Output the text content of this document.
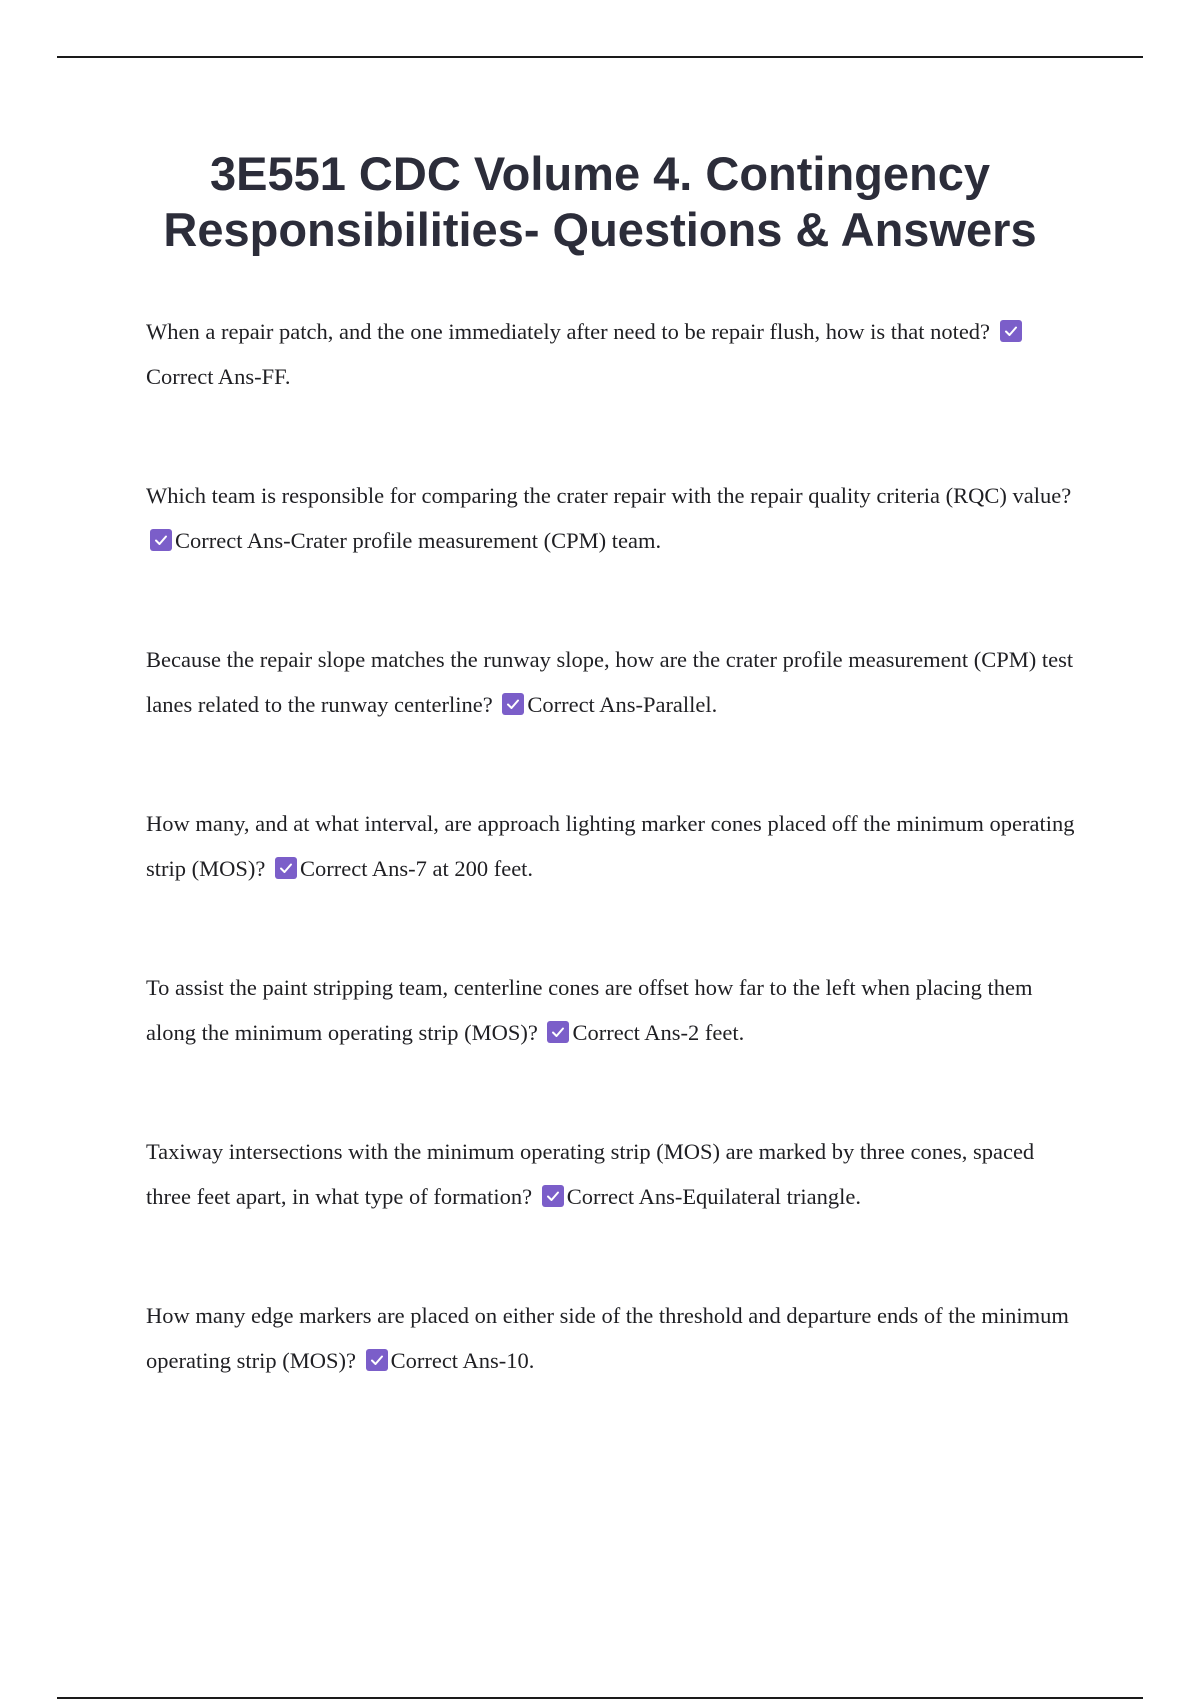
3E551 CDC Volume 4. Contingency
Responsibilities- Questions & Answers

When a repair patch, and the one immediately after need to be repair flush, how is that noted?
Correct Ans-FF.

Which team is responsible for comparing the crater repair with the repair quality criteria (RQC) value?
Correct Ans-Crater profile measurement (CPM) team.

Because the repair slope matches the runway slope, how are the crater profile measurement (CPM) test lanes related to the runway centerline? Correct Ans-Parallel.

How many, and at what interval, are approach lighting marker cones placed off the minimum operating strip (MOS)? Correct Ans-7 at 200 feet.

To assist the paint stripping team, centerline cones are offset how far to the left when placing them along the minimum operating strip (MOS)? Correct Ans-2 feet.

Taxiway intersections with the minimum operating strip (MOS) are marked by three cones, spaced three feet apart, in what type of formation? Correct Ans-Equilateral triangle.

How many edge markers are placed on either side of the threshold and departure ends of the minimum operating strip (MOS)? Correct Ans-10.
